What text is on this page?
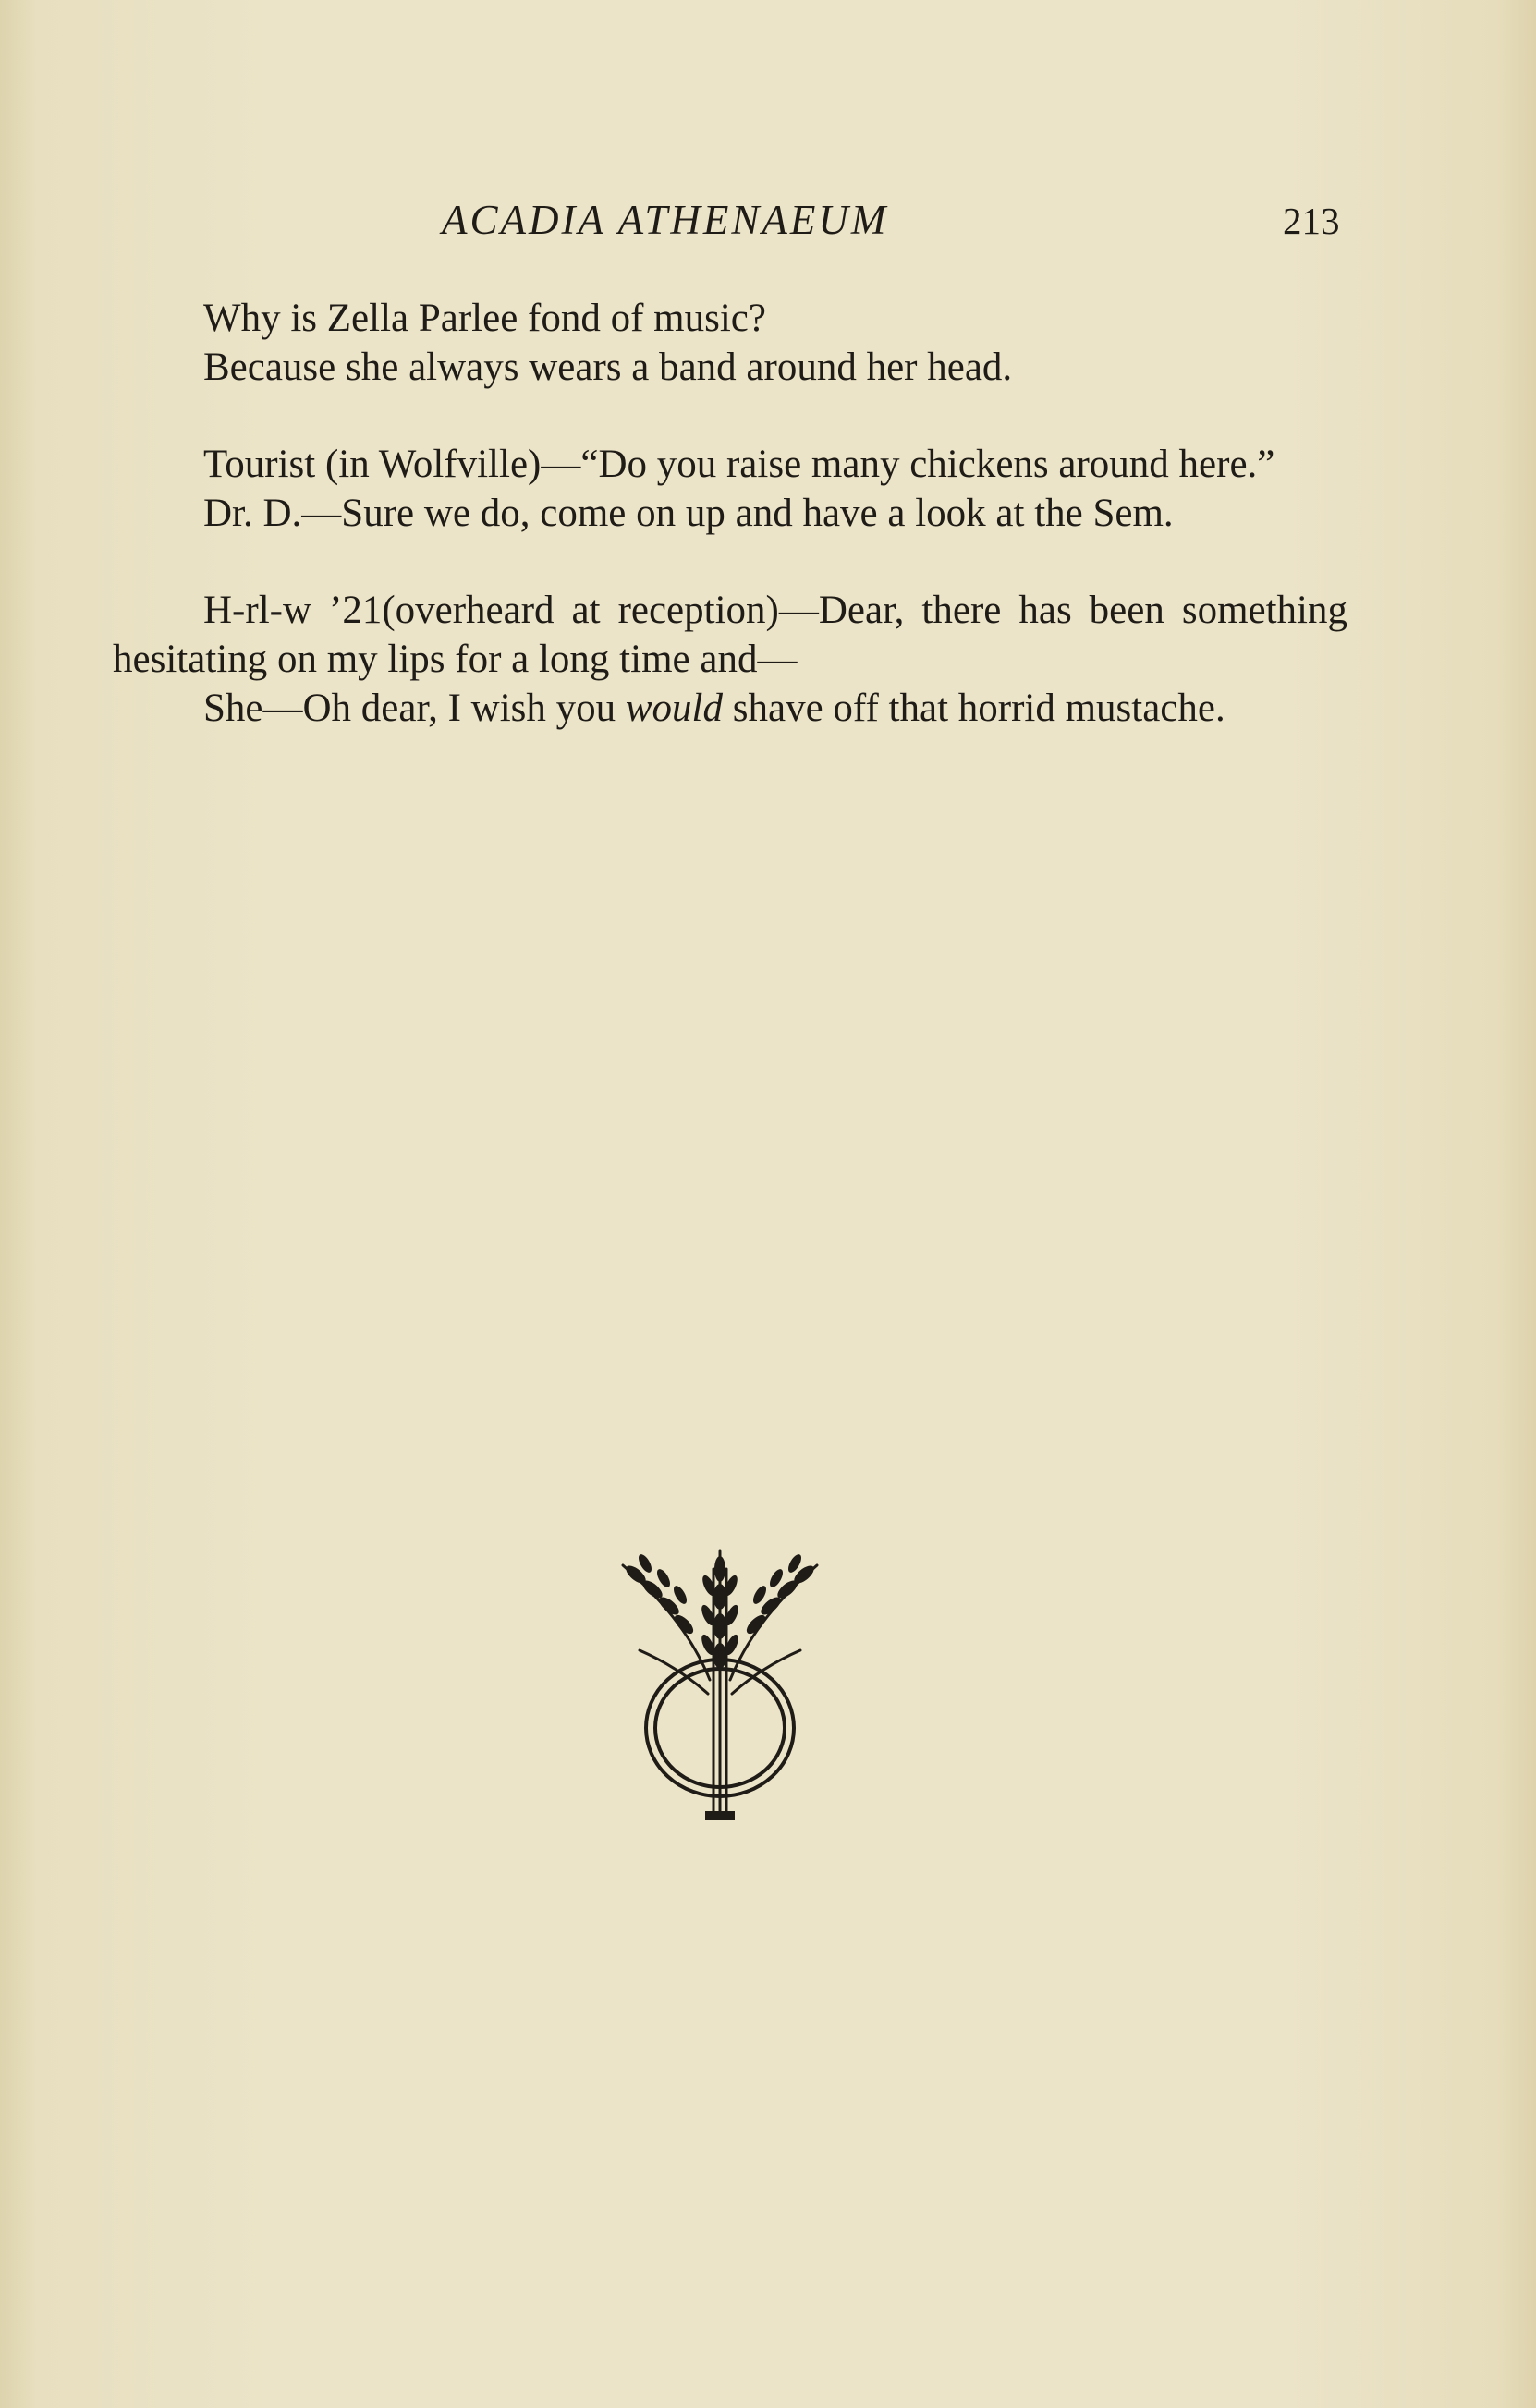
ACADIA ATHENAEUM	213

Why is Zella Parlee fond of music?

Because she always wears a band around her head.

Tourist (in Wolfville)—“Do you raise many chickens around here.”

Dr. D.—Sure we do, come on up and have a look at the Sem.

H-rl-w ’21(overheard at reception)—Dear, there has been something hesitating on my lips for a long time and—

She—Oh dear, I wish you would shave off that horrid mustache.
